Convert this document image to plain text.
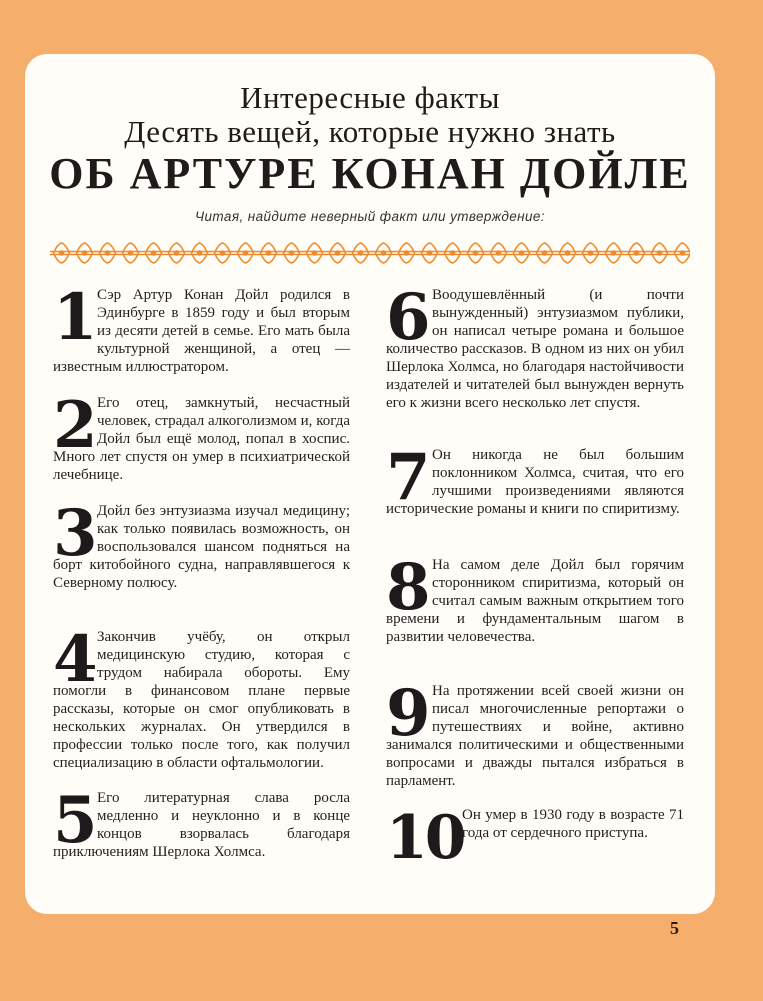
Интересные факты
Десять вещей, которые нужно знать
ОБ АРТУРЕ КОНАН ДОЙЛЕ
Читая, найдите неверный факт или утверждение:
1 Сэр Артур Конан Дойл родился в Эдинбурге в 1859 году и был вторым из десяти детей в семье. Его мать была культурной женщиной, а отец — известным иллюстратором.

2 Его отец, замкнутый, несчастный человек, страдал алкоголизмом и, когда Дойл был ещё молод, попал в хоспис. Много лет спустя он умер в психиатрической лечебнице.

3 Дойл без энтузиазма изучал медицину; как только появилась возможность, он воспользовался шансом подняться на борт китобойного судна, направлявшегося к Северному полюсу.

4 Закончив учёбу, он открыл медицинскую студию, которая с трудом набирала обороты. Ему помогли в финансовом плане первые рассказы, которые он смог опубликовать в нескольких журналах. Он утвердился в профессии только после того, как получил специализацию в области офтальмологии.

5 Его литературная слава росла медленно и неуклонно и в конце концов взорвалась благодаря приключениям Шерлока Холмса.

6 Воодушевлённый (и почти вынужденный) энтузиазмом публики, он написал четыре романа и большое количество рассказов. В одном из них он убил Шерлока Холмса, но благодаря настойчивости издателей и читателей был вынужден вернуть его к жизни всего несколько лет спустя.

7 Он никогда не был большим поклонником Холмса, считая, что его лучшими произведениями являются исторические романы и книги по спиритизму.

8 На самом деле Дойл был горячим сторонником спиритизма, который он считал самым важным открытием того времени и фундаментальным шагом в развитии человечества.

9 На протяжении всей своей жизни он писал многочисленные репортажи о путешествиях и войне, активно занимался политическими и общественными вопросами и дважды пытался избраться в парламент.

10

Он умер в 1930 году в возрасте 71 года от сердечного приступа.

5
